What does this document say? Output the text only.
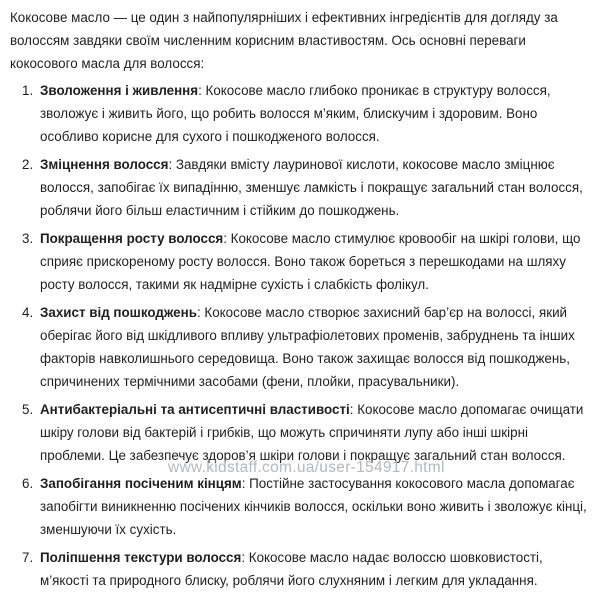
Кокосове масло — це один з найпопулярніших і ефективних інгредієнтів для догляду за волоссям завдяки своїм численним корисним властивостям. Ось основні переваги кокосового масла для волосся:

1. Зволоження і живлення: Кокосове масло глибоко проникає в структуру волосся, зволожує і живить його, що робить волосся м’яким, блискучим і здоровим. Воно особливо корисне для сухого і пошкодженого волосся.
2. Зміцнення волосся: Завдяки вмісту лауринової кислоти, кокосове масло зміцнює волосся, запобігає їх випадінню, зменшує ламкість і покращує загальний стан волосся, роблячи його більш еластичним і стійким до пошкоджень.
3. Покращення росту волосся: Кокосове масло стимулює кровообіг на шкірі голови, що сприяє прискореному росту волосся. Воно також бореться з перешкодами на шляху росту волосся, такими як надмірне сухість і слабкість фолікул.
4. Захист від пошкоджень: Кокосове масло створює захисний бар’єр на волоссі, який оберігає його від шкідливого впливу ультрафіолетових променів, забруднень та інших факторів навколишнього середовища. Воно також захищає волосся від пошкоджень, спричинених термічними засобами (фени, плойки, прасувальники).
5. Антибактеріальні та антисептичні властивості: Кокосове масло допомагає очищати шкіру голови від бактерій і грибків, що можуть спричиняти лупу або інші шкірні проблеми. Це забезпечує здоров’я шкіри голови і покращує загальний стан волосся.
6. Запобігання посіченим кінцям: Постійне застосування кокосового масла допомагає запобігти виникненню посічених кінчиків волосся, оскільки воно живить і зволожує кінці, зменшуючи їх сухість.
7. Поліпшення текстури волосся: Кокосове масло надає волоссю шовковистості, м’якості та природного блиску, роблячи його слухняним і легким для укладання.
www.kidstaff.com.ua/user-154917.html
